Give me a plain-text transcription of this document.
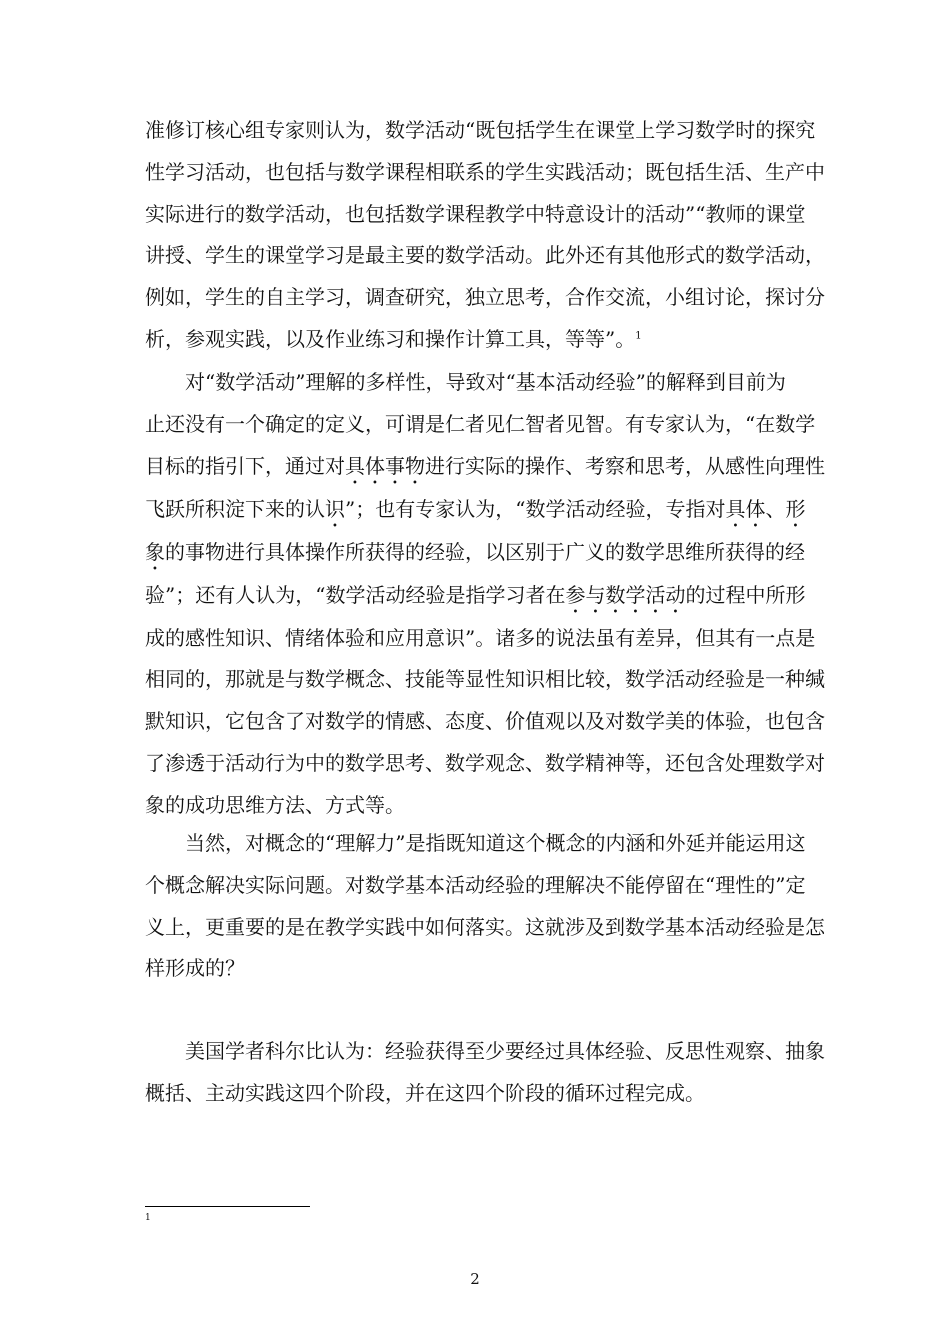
准修订核心组专家则认为，数学活动“既包括学生在课堂上学习数学时的探究

性学习活动，也包括与数学课程相联系的学生实践活动；既包括生活、生产中

实际进行的数学活动，也包括数学课程教学中特意设计的活动”“教师的课堂

讲授、学生的课堂学习是最主要的数学活动。此外还有其他形式的数学活动，

例如，学生的自主学习，调查研究，独立思考，合作交流，小组讨论，探讨分

析，参观实践，以及作业练习和操作计算工具，等等”。$^1$

　　对“数学活动”理解的多样性，导致对“基本活动经验”的解释到目前为

止还没有一个确定的定义，可谓是仁者见仁智者见智。有专家认为，“在数学

目标的指引下，通过对具体事物进行实际的操作、考察和思考，从感性向理性

飞跃所积淀下来的认识”；也有专家认为，“数学活动经验，专指对具体、形

象的事物进行具体操作所获得的经验，以区别于广义的数学思维所获得的经

验”；还有人认为，“数学活动经验是指学习者在参与数学活动的过程中所形

成的感性知识、情绪体验和应用意识”。诸多的说法虽有差异，但其有一点是

相同的，那就是与数学概念、技能等显性知识相比较，数学活动经验是一种缄

默知识，它包含了对数学的情感、态度、价值观以及对数学美的体验，也包含

了渗透于活动行为中的数学思考、数学观念、数学精神等，还包含处理数学对

象的成功思维方法、方式等。

　　当然，对概念的“理解力”是指既知道这个概念的内涵和外延并能运用这

个概念解决实际问题。对数学基本活动经验的理解决不能停留在“理性的”定

义上，更重要的是在教学实践中如何落实。这就涉及到数学基本活动经验是怎

样形成的？

　　美国学者科尔比认为：经验获得至少要经过具体经验、反思性观察、抽象

概括、主动实践这四个阶段，并在这四个阶段的循环过程完成。

1
2
